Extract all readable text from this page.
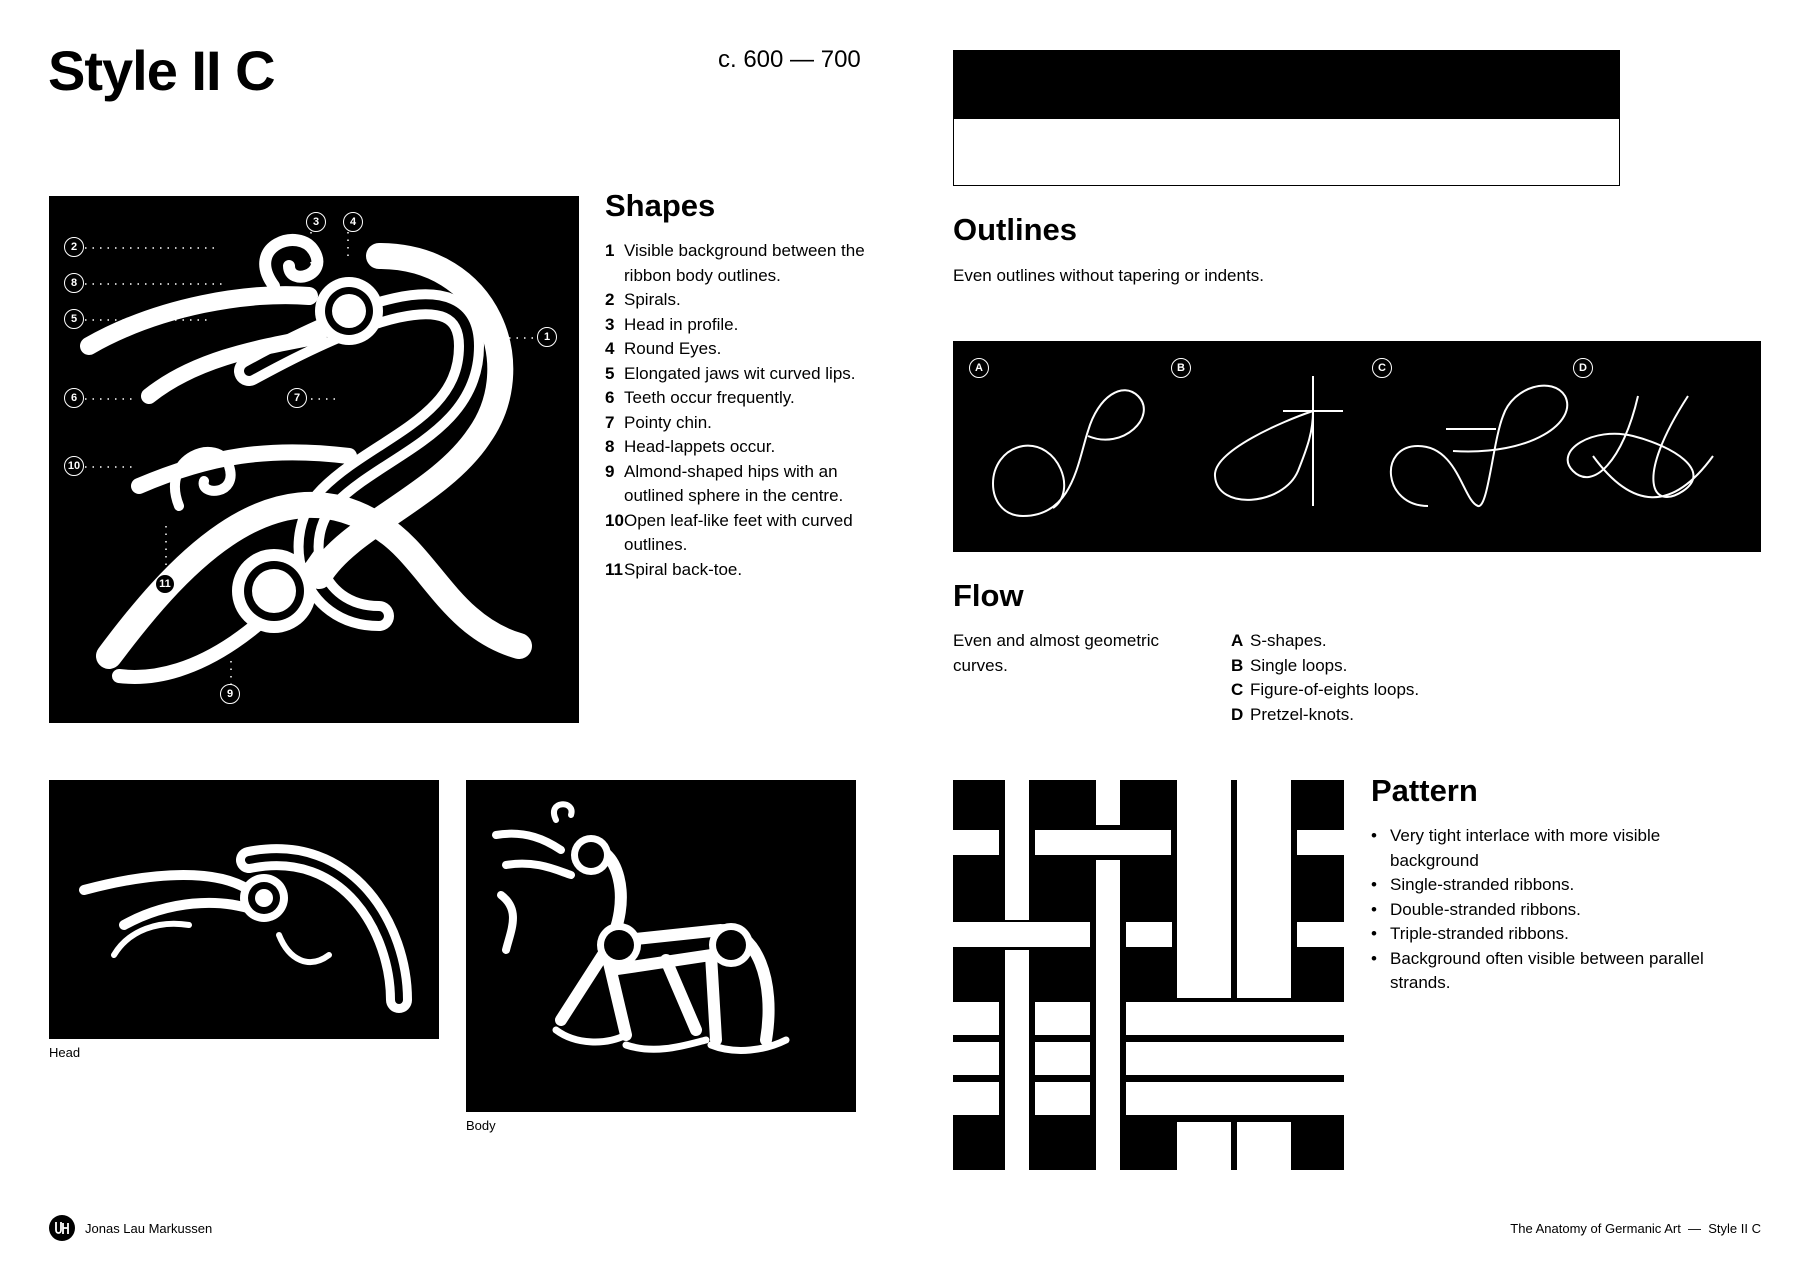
Style II C	c. 600 — 700
3	4
2
8
5
1
6	7
10
11
9
Shapes
1 Visible background between the ribbon body outlines.
2 Spirals.
3 Head in profile.
4 Round Eyes.
5 Elongated jaws wit curved lips.
6 Teeth occur frequently.
7 Pointy chin.
8 Head-lappets occur.
9 Almond-shaped hips with an outlined sphere in the centre.
10 Open leaf-like feet with curved outlines.
11 Spiral back-toe.
Outlines
Even outlines without tapering or indents.
A	B	C	D
Flow
Even and almost geometric curves.
A S-shapes.
B Single loops.
C Figure-of-eights loops.
D Pretzel-knots.
Head
Body
Pattern
• Very tight interlace with more visible background
• Single-stranded ribbons.
• Double-stranded ribbons.
• Triple-stranded ribbons.
• Background often visible between parallel strands.
Jonas Lau Markussen	The Anatomy of Germanic Art  —  Style II C
